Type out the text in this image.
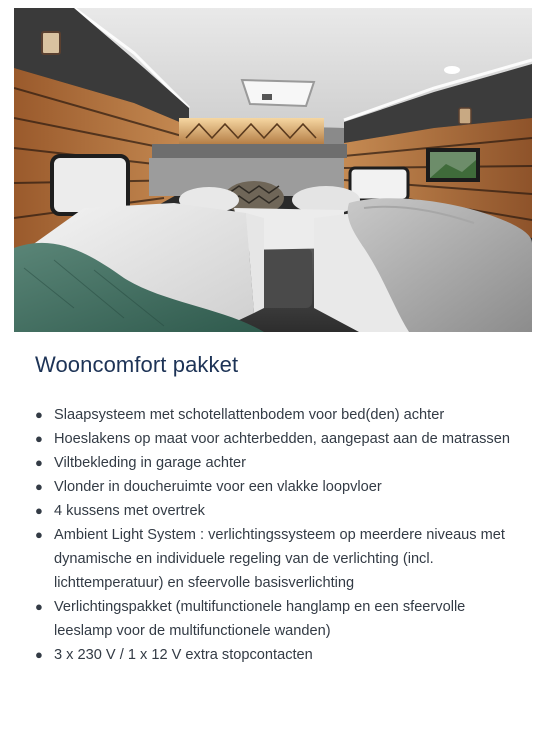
Wooncomfort pakket
● Slaapsysteem met schotellattenbodem voor bed(den) achter
● Hoeslakens op maat voor achterbedden, aangepast aan de matrassen
● Viltbekleding in garage achter
● Vlonder in doucheruimte voor een vlakke loopvloer
● 4 kussens met overtrek
● Ambient Light System : verlichtingssysteem op meerdere niveaus met dynamische en individuele regeling van de verlichting (incl. lichttemperatuur) en sfeervolle basisverlichting
● Verlichtingspakket (multifunctionele hanglamp en een sfeervolle leeslamp voor de multifunctionele wanden)
● 3 x 230 V / 1 x 12 V extra stopcontacten
